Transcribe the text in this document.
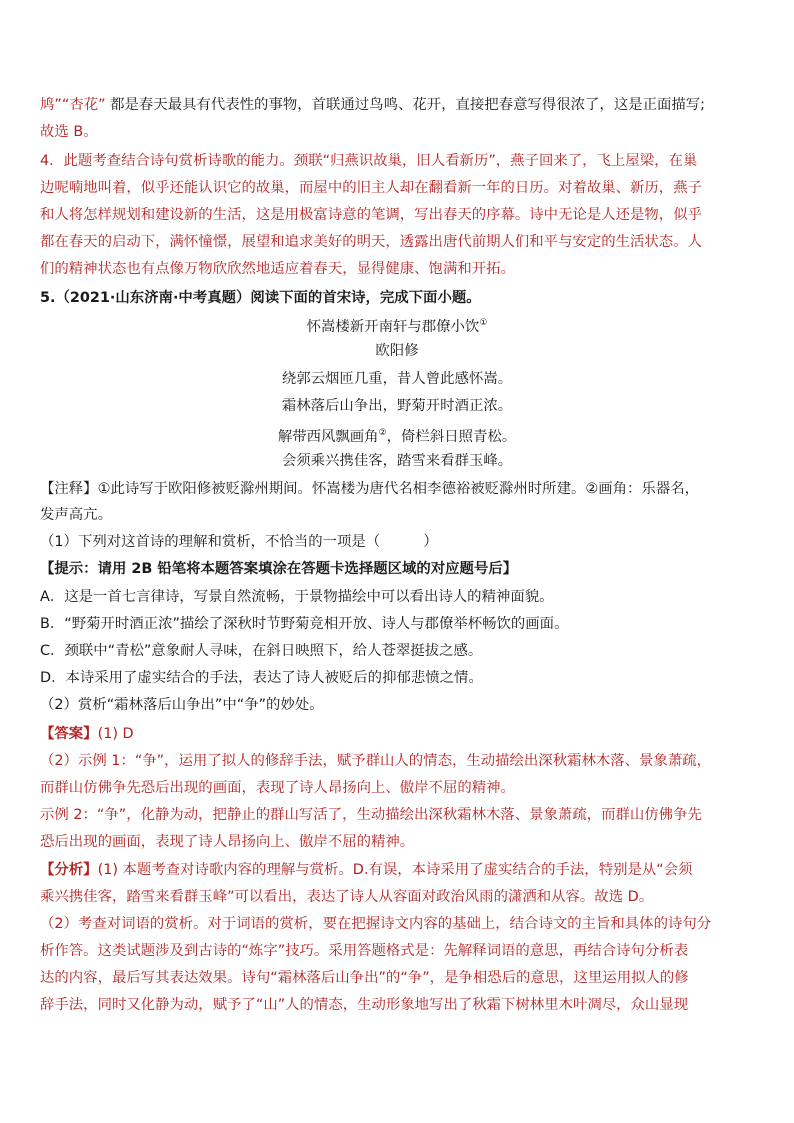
鸠”“杏花” 都是春天最具有代表性的事物，首联通过鸟鸣、花开，直接把春意写得很浓了，这是正面描写;
故选 B。
4．此题考查结合诗句赏析诗歌的能力。颈联“归燕识故巢，旧人看新历”，燕子回来了，飞上屋梁，在巢
边呢喃地叫着，似乎还能认识它的故巢，而屋中的旧主人却在翻看新一年的日历。对着故巢、新历，燕子
和人将怎样规划和建设新的生活，这是用极富诗意的笔调，写出春天的序幕。诗中无论是人还是物，似乎
都在春天的启动下，满怀憧憬，展望和追求美好的明天，透露出唐代前期人们和平与安定的生活状态。人
们的精神状态也有点像万物欣欣然地适应着春天，显得健康、饱满和开拓。
5.（2021·山东济南·中考真题）阅读下面的首宋诗，完成下面小题。
怀嵩楼新开南轩与郡僚小饮①
欧阳修
绕郭云烟匝几重，昔人曾此感怀嵩。
霜林落后山争出，野菊开时酒正浓。
解带西风飘画角②，倚栏斜日照青松。
会须乘兴携佳客，踏雪来看群玉峰。
【注释】①此诗写于欧阳修被贬滁州期间。怀嵩楼为唐代名相李德裕被贬滁州时所建。②画角：乐器名，
发声高亢。
（1）下列对这首诗的理解和赏析，不恰当的一项是（　　　）
【提示：请用 2B 铅笔将本题答案填涂在答题卡选择题区域的对应题号后】
A．这是一首七言律诗，写景自然流畅，于景物描绘中可以看出诗人的精神面貌。
B．“野菊开时酒正浓”描绘了深秋时节野菊竞相开放、诗人与郡僚举杯畅饮的画面。
C．颈联中“青松”意象耐人寻味，在斜日映照下，给人苍翠挺拔之感。
D．本诗采用了虚实结合的手法，表达了诗人被贬后的抑郁悲愤之情。
（2）赏析“霜林落后山争出”中“争”的妙处。
【答案】(1) D
（2）示例 1：“争”，运用了拟人的修辞手法，赋予群山人的情态，生动描绘出深秋霜林木落、景象萧疏，
而群山仿佛争先恐后出现的画面，表现了诗人昂扬向上、傲岸不屈的精神。
示例 2：“争”，化静为动，把静止的群山写活了，生动描绘出深秋霜林木落、景象萧疏，而群山仿佛争先
恐后出现的画面，表现了诗人昂扬向上、傲岸不屈的精神。
【分析】(1) 本题考查对诗歌内容的理解与赏析。D.有误，本诗采用了虚实结合的手法，特别是从“会须
乘兴携佳客，踏雪来看群玉峰”可以看出，表达了诗人从容面对政治风雨的潇洒和从容。故选 D。
（2）考查对词语的赏析。对于词语的赏析，要在把握诗文内容的基础上，结合诗文的主旨和具体的诗句分
析作答。这类试题涉及到古诗的“炼字”技巧。采用答题格式是：先解释词语的意思，再结合诗句分析表
达的内容，最后写其表达效果。诗句“霜林落后山争出”的“争”，是争相恐后的意思，这里运用拟人的修
辞手法，同时又化静为动，赋予了“山”人的情态，生动形象地写出了秋霜下树林里木叶凋尽，众山显现
